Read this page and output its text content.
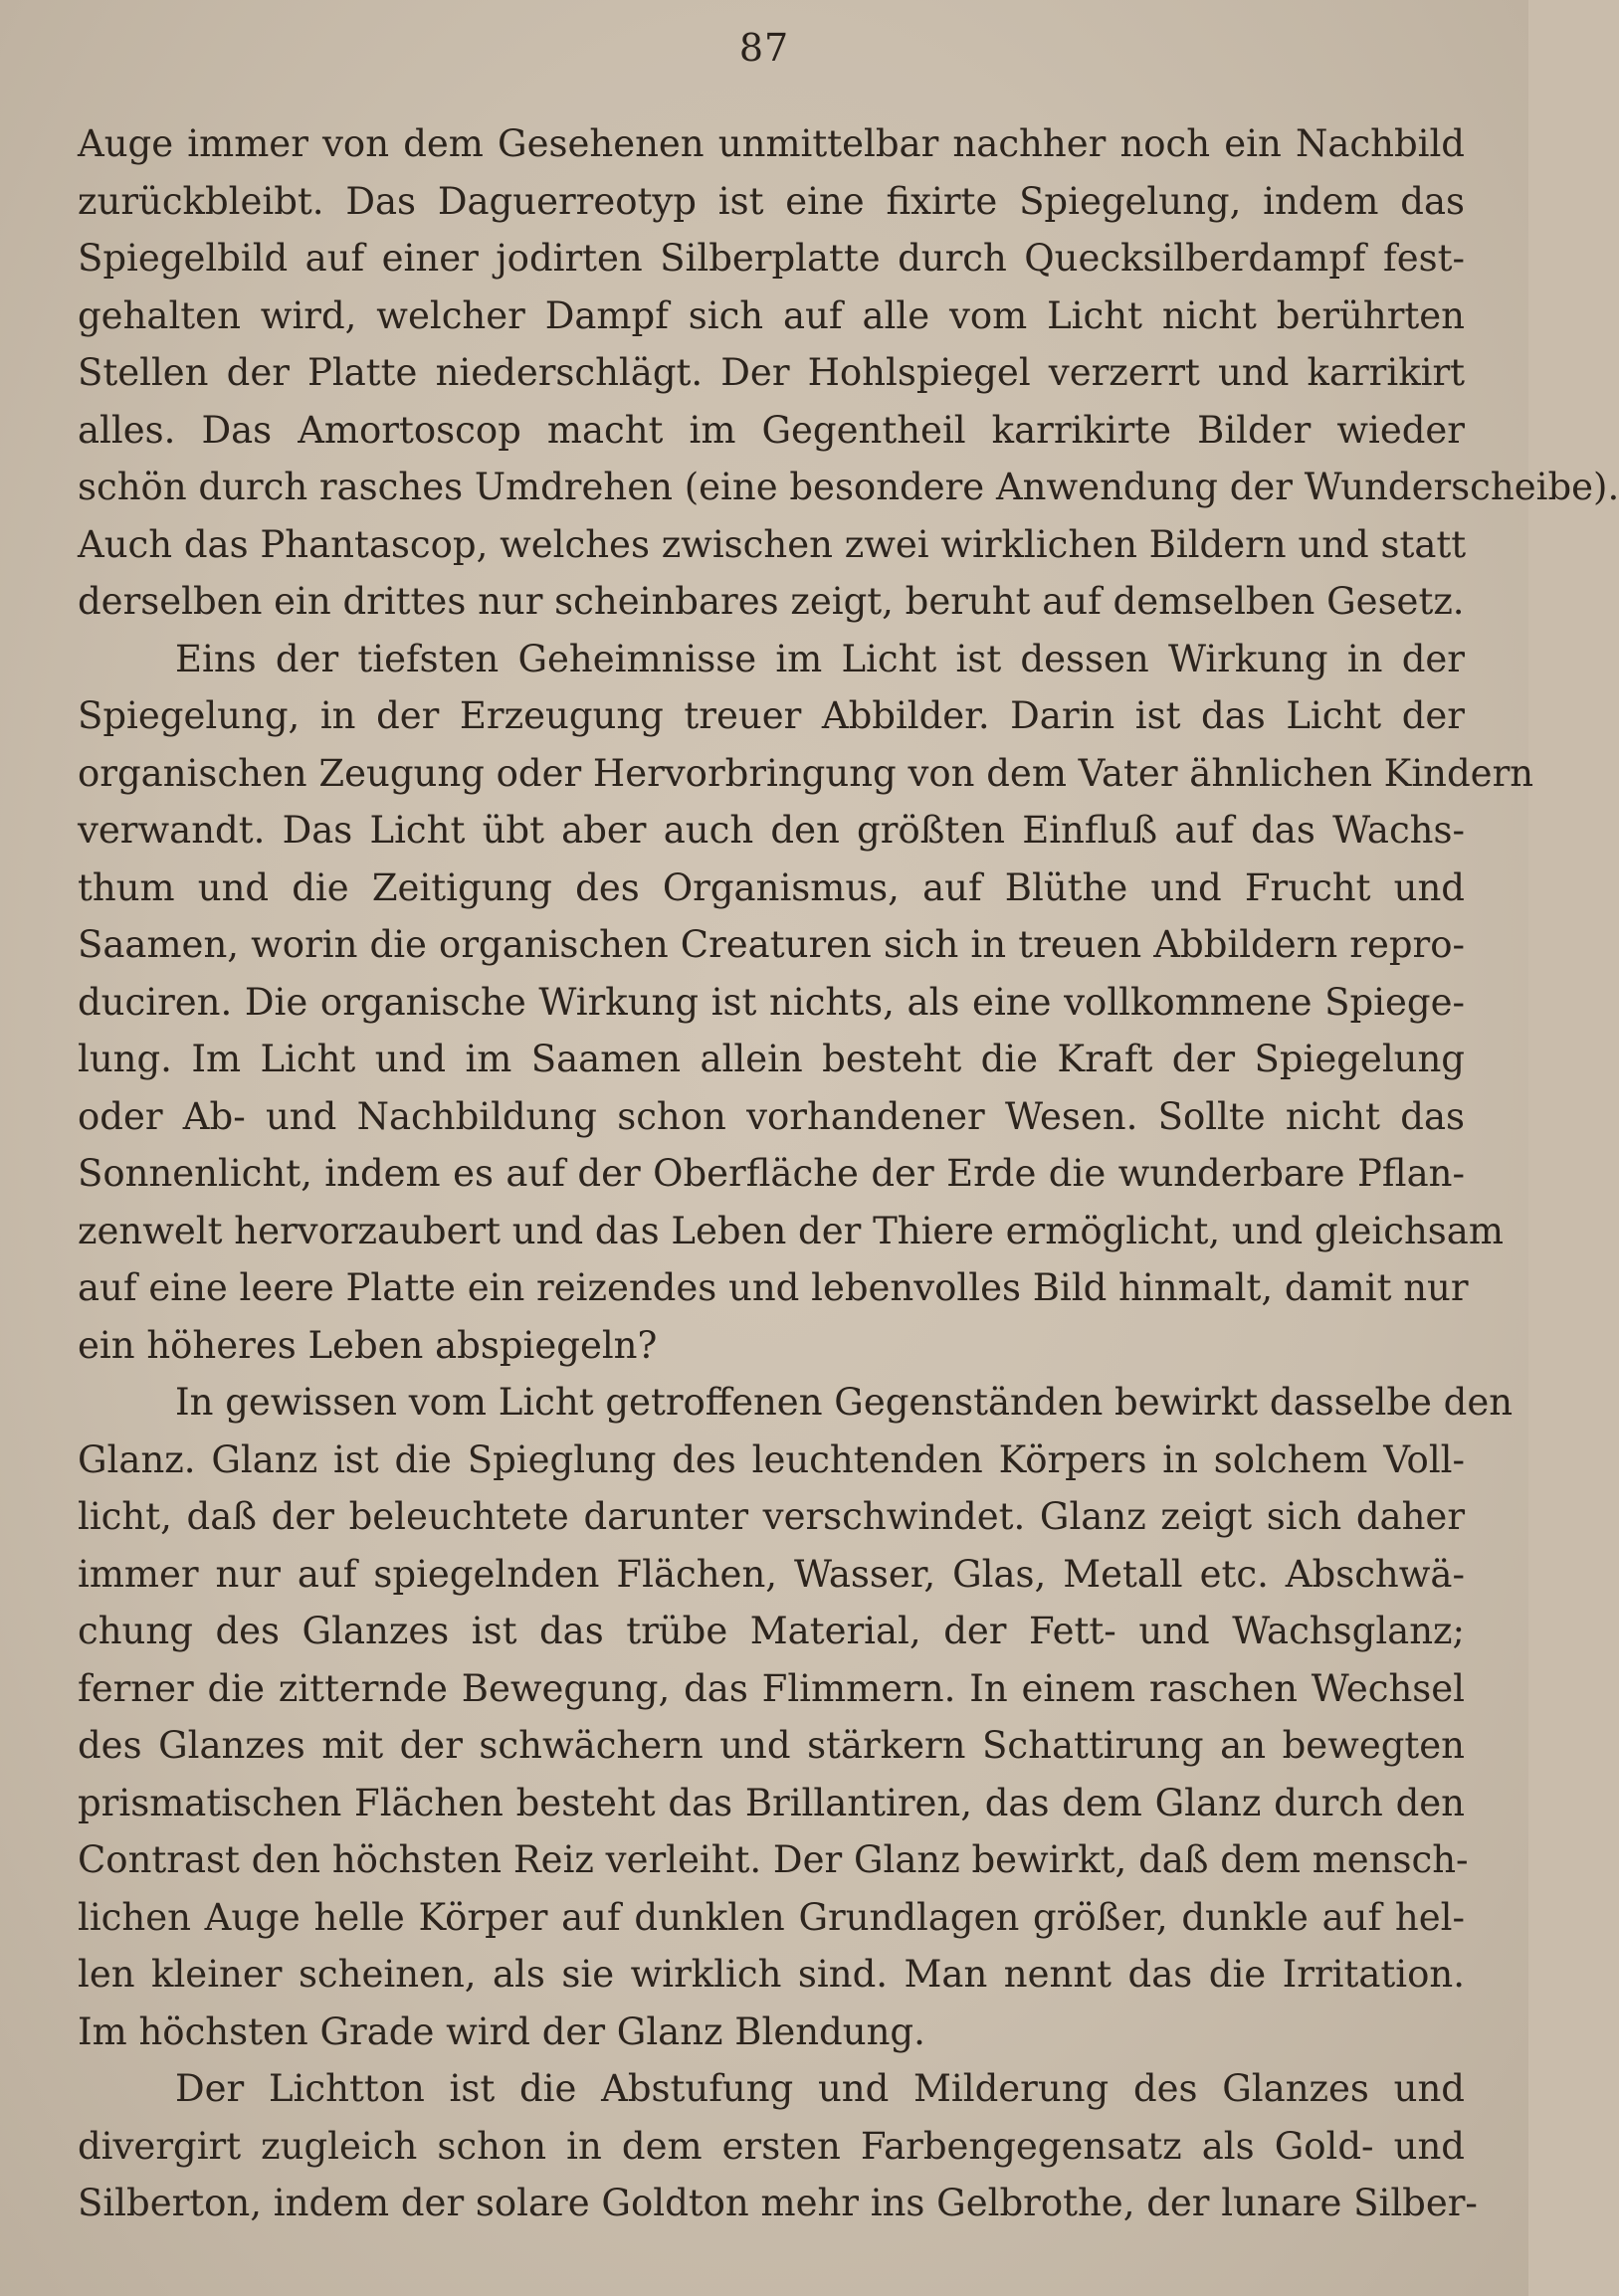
87
Auge immer von dem Gesehenen unmittelbar nachher noch ein Nachbild
zurückbleibt. Das Daguerreotyp ist eine fixirte Spiegelung, indem das
Spiegelbild auf einer jodirten Silberplatte durch Quecksilberdampf fest-
gehalten wird, welcher Dampf sich auf alle vom Licht nicht berührten
Stellen der Platte niederschlägt. Der Hohlspiegel verzerrt und karrikirt
alles. Das Amortoscop macht im Gegentheil karrikirte Bilder wieder
schön durch rasches Umdrehen (eine besondere Anwendung der Wunderscheibe).
Auch das Phantascop, welches zwischen zwei wirklichen Bildern und statt
derselben ein drittes nur scheinbares zeigt, beruht auf demselben Gesetz.
Eins der tiefsten Geheimnisse im Licht ist dessen Wirkung in der
Spiegelung, in der Erzeugung treuer Abbilder. Darin ist das Licht der
organischen Zeugung oder Hervorbringung von dem Vater ähnlichen Kindern
verwandt. Das Licht übt aber auch den größten Einfluß auf das Wachs-
thum und die Zeitigung des Organismus, auf Blüthe und Frucht und
Saamen, worin die organischen Creaturen sich in treuen Abbildern repro-
duciren. Die organische Wirkung ist nichts, als eine vollkommene Spiege-
lung. Im Licht und im Saamen allein besteht die Kraft der Spiegelung
oder Ab- und Nachbildung schon vorhandener Wesen. Sollte nicht das
Sonnenlicht, indem es auf der Oberfläche der Erde die wunderbare Pflan-
zenwelt hervorzaubert und das Leben der Thiere ermöglicht, und gleichsam
auf eine leere Platte ein reizendes und lebenvolles Bild hinmalt, damit nur
ein höheres Leben abspiegeln?
In gewissen vom Licht getroffenen Gegenständen bewirkt dasselbe den
Glanz. Glanz ist die Spieglung des leuchtenden Körpers in solchem Voll-
licht, daß der beleuchtete darunter verschwindet. Glanz zeigt sich daher
immer nur auf spiegelnden Flächen, Wasser, Glas, Metall etc. Abschwä-
chung des Glanzes ist das trübe Material, der Fett- und Wachsglanz;
ferner die zitternde Bewegung, das Flimmern. In einem raschen Wechsel
des Glanzes mit der schwächern und stärkern Schattirung an bewegten
prismatischen Flächen besteht das Brillantiren, das dem Glanz durch den
Contrast den höchsten Reiz verleiht. Der Glanz bewirkt, daß dem mensch-
lichen Auge helle Körper auf dunklen Grundlagen größer, dunkle auf hel-
len kleiner scheinen, als sie wirklich sind. Man nennt das die Irritation.
Im höchsten Grade wird der Glanz Blendung.
Der Lichtton ist die Abstufung und Milderung des Glanzes und
divergirt zugleich schon in dem ersten Farbengegensatz als Gold- und
Silberton, indem der solare Goldton mehr ins Gelbrothe, der lunare Silber-
